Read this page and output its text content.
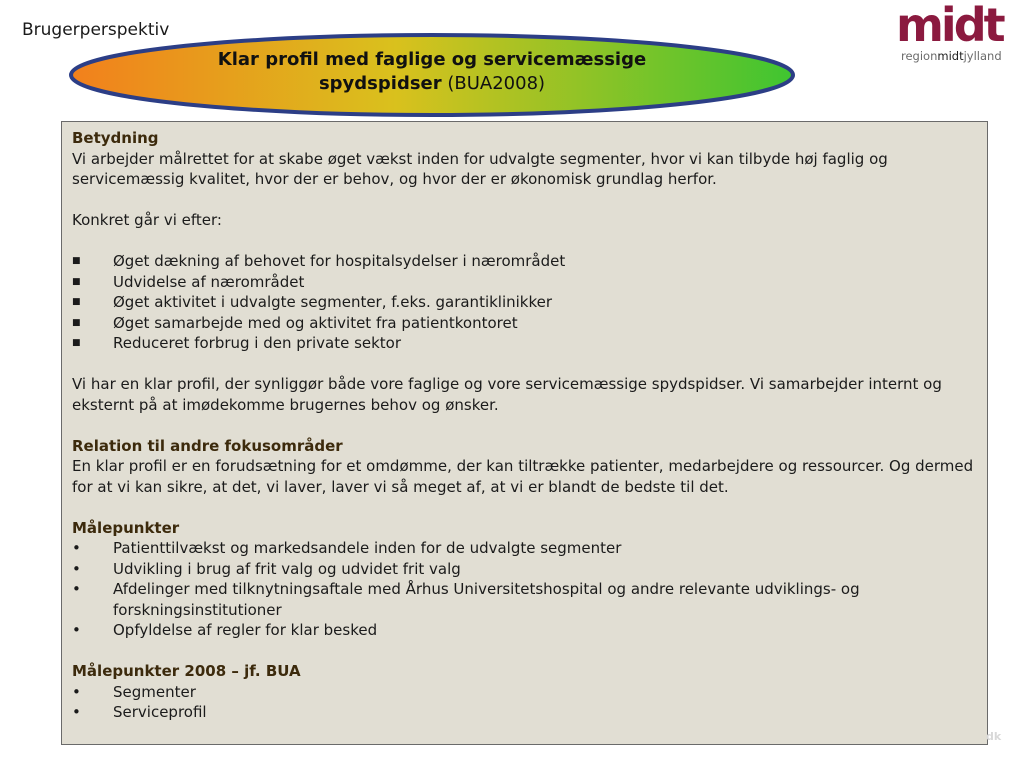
Brugerperspektiv	midt
regionmidtjylland
Klar profil med faglige og servicemæssige
spydspidser (BUA2008)

Betydning

Vi arbejder målrettet for at skabe øget vækst inden for udvalgte segmenter, hvor vi kan tilbyde høj faglig og servicemæssig kvalitet, hvor der er behov, og hvor der er økonomisk grundlag herfor.

Konkret går vi efter:

■	Øget dækning af behovet for hospitalsydelser i nærområdet
■	Udvidelse af nærområdet
■	Øget aktivitet i udvalgte segmenter, f.eks. garantiklinikker
■	Øget samarbejde med og aktivitet fra patientkontoret
■	Reduceret forbrug i den private sektor

Vi har en klar profil, der synliggør både vore faglige og vore servicemæssige spydspidser. Vi samarbejder internt og eksternt på at imødekomme brugernes behov og ønsker.

Relation til andre fokusområder

En klar profil er en forudsætning for et omdømme, der kan tiltrække patienter, medarbejdere og ressourcer. Og dermed for at vi kan sikre, at det, vi laver, laver vi så meget af, at vi er blandt de bedste til det.

Målepunkter

•	Patienttilvækst og markedsandele inden for de udvalgte segmenter
•	Udvikling i brug af frit valg og udvidet frit valg
•	Afdelinger med tilknytningsaftale med Århus Universitetshospital og andre relevante udviklings- og forskningsinstitutioner
•	Opfyldelse af regler for klar besked

Målepunkter 2008 – jf. BUA

•	Segmenter
•	Serviceprofil
dk
